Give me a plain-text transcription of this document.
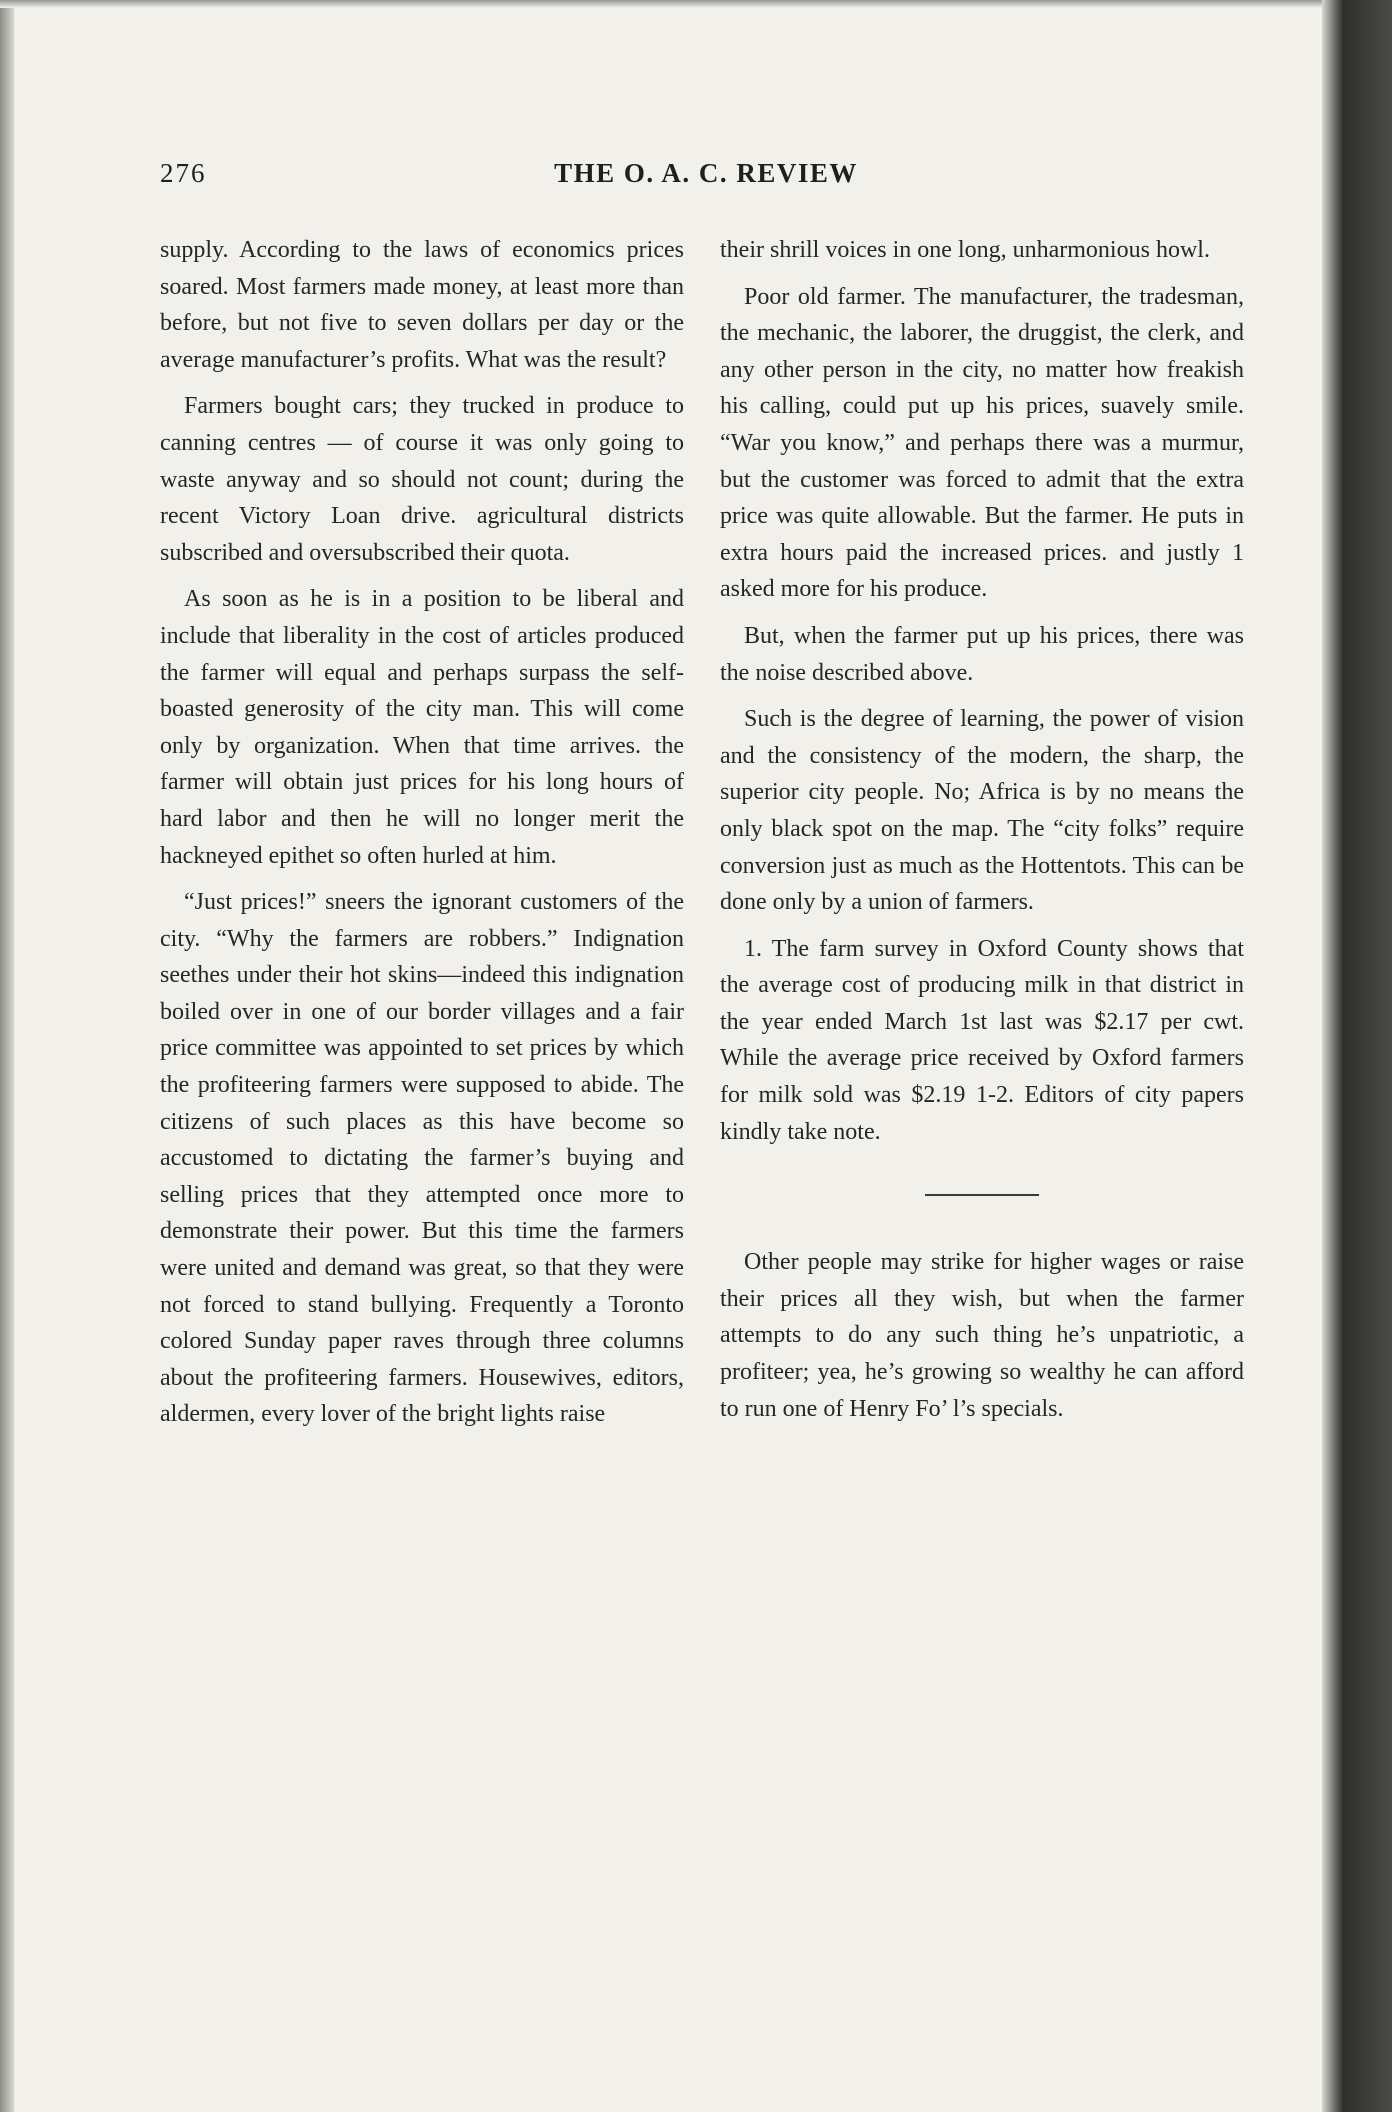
276	THE O. A. C. REVIEW

supply. According to the laws of economics prices soared. Most farmers made money, at least more than before, but not five to seven dollars per day or the average manufacturer’s profits. What was the result?

Farmers bought cars; they trucked in produce to canning centres — of course it was only going to waste anyway and so should not count; during the recent Victory Loan drive. agricultural districts subscribed and oversubscribed their quota.

As soon as he is in a position to be liberal and include that liberality in the cost of articles produced the farmer will equal and perhaps surpass the self-boasted generosity of the city man. This will come only by organization. When that time arrives. the farmer will obtain just prices for his long hours of hard labor and then he will no longer merit the hackneyed epithet so often hurled at him.

“Just prices!” sneers the ignorant customers of the city. “Why the farmers are robbers.” Indignation seethes under their hot skins—indeed this indignation boiled over in one of our border villages and a fair price committee was appointed to set prices by which the profiteering farmers were supposed to abide. The citizens of such places as this have become so accustomed to dictating the farmer’s buying and selling prices that they attempted once more to demonstrate their power. But this time the farmers were united and demand was great, so that they were not forced to stand bullying. Frequently a Toronto colored Sunday paper raves through three columns about the profiteering farmers. Housewives, editors, aldermen, every lover of the bright lights raise

their shrill voices in one long, unharmonious howl.

Poor old farmer. The manufacturer, the tradesman, the mechanic, the laborer, the druggist, the clerk, and any other person in the city, no matter how freakish his calling, could put up his prices, suavely smile. “War you know,” and perhaps there was a murmur, but the customer was forced to admit that the extra price was quite allowable. But the farmer. He puts in extra hours paid the increased prices. and justly 1 asked more for his produce.

But, when the farmer put up his prices, there was the noise described above.

Such is the degree of learning, the power of vision and the consistency of the modern, the sharp, the superior city people. No; Africa is by no means the only black spot on the map. The “city folks” require conversion just as much as the Hottentots. This can be done only by a union of farmers.

1. The farm survey in Oxford County shows that the average cost of producing milk in that district in the year ended March 1st last was $2.17 per cwt. While the average price received by Oxford farmers for milk sold was $2.19 1-2. Editors of city papers kindly take note.

Other people may strike for higher wages or raise their prices all they wish, but when the farmer attempts to do any such thing he’s unpatriotic, a profiteer; yea, he’s growing so wealthy he can afford to run one of Henry Fo’ l’s specials.
